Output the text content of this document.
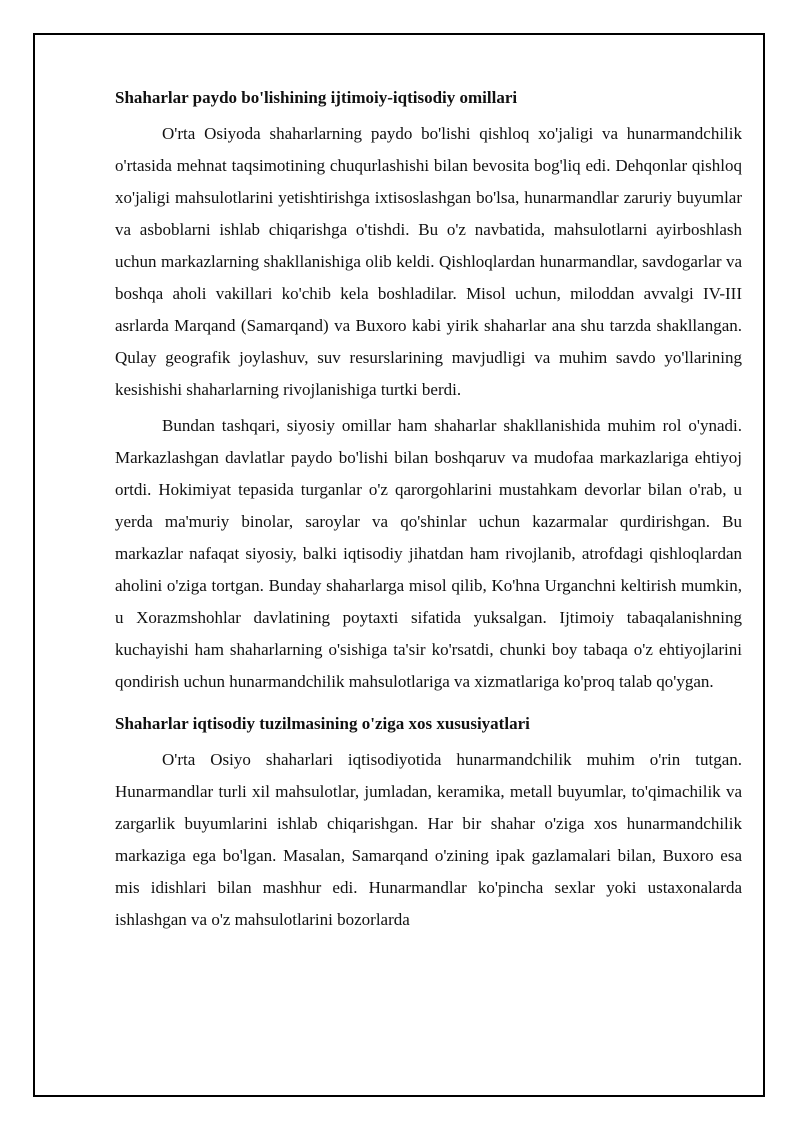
Shaharlar paydo bo'lishining ijtimoiy-iqtisodiy omillari

O'rta Osiyoda shaharlarning paydo bo'lishi qishloq xo'jaligi va hunarmandchilik o'rtasida mehnat taqsimotining chuqurlashishi bilan bevosita bog'liq edi. Dehqonlar qishloq xo'jaligi mahsulotlarini yetishtirishga ixtisoslashgan bo'lsa, hunarmandlar zaruriy buyumlar va asboblarni ishlab chiqarishga o'tishdi. Bu o'z navbatida, mahsulotlarni ayirboshlash uchun markazlarning shakllanishiga olib keldi. Qishloqlardan hunarmandlar, savdogarlar va boshqa aholi vakillari ko'chib kela boshladilar. Misol uchun, miloddan avvalgi IV-III asrlarda Marqand (Samarqand) va Buxoro kabi yirik shaharlar ana shu tarzda shakllangan. Qulay geografik joylashuv, suv resurslarining mavjudligi va muhim savdo yo'llarining kesishishi shaharlarning rivojlanishiga turtki berdi.

Bundan tashqari, siyosiy omillar ham shaharlar shakllanishida muhim rol o'ynadi. Markazlashgan davlatlar paydo bo'lishi bilan boshqaruv va mudofaa markazlariga ehtiyoj ortdi. Hokimiyat tepasida turganlar o'z qarorgohlarini mustahkam devorlar bilan o'rab, u yerda ma'muriy binolar, saroylar va qo'shinlar uchun kazarmalar qurdirishgan. Bu markazlar nafaqat siyosiy, balki iqtisodiy jihatdan ham rivojlanib, atrofdagi qishloqlardan aholini o'ziga tortgan. Bunday shaharlarga misol qilib, Ko'hna Urganchni keltirish mumkin, u Xorazmshohlar davlatining poytaxti sifatida yuksalgan. Ijtimoiy tabaqalanishning kuchayishi ham shaharlarning o'sishiga ta'sir ko'rsatdi, chunki boy tabaqa o'z ehtiyojlarini qondirish uchun hunarmandchilik mahsulotlariga va xizmatlariga ko'proq talab qo'ygan.

Shaharlar iqtisodiy tuzilmasining o'ziga xos xususiyatlari

O'rta Osiyo shaharlari iqtisodiyotida hunarmandchilik muhim o'rin tutgan. Hunarmandlar turli xil mahsulotlar, jumladan, keramika, metall buyumlar, to'qimachilik va zargarlik buyumlarini ishlab chiqarishgan. Har bir shahar o'ziga xos hunarmandchilik markaziga ega bo'lgan. Masalan, Samarqand o'zining ipak gazlamalari bilan, Buxoro esa mis idishlari bilan mashhur edi. Hunarmandlar ko'pincha sexlar yoki ustaxonalarda ishlashgan va o'z mahsulotlarini bozorlarda
